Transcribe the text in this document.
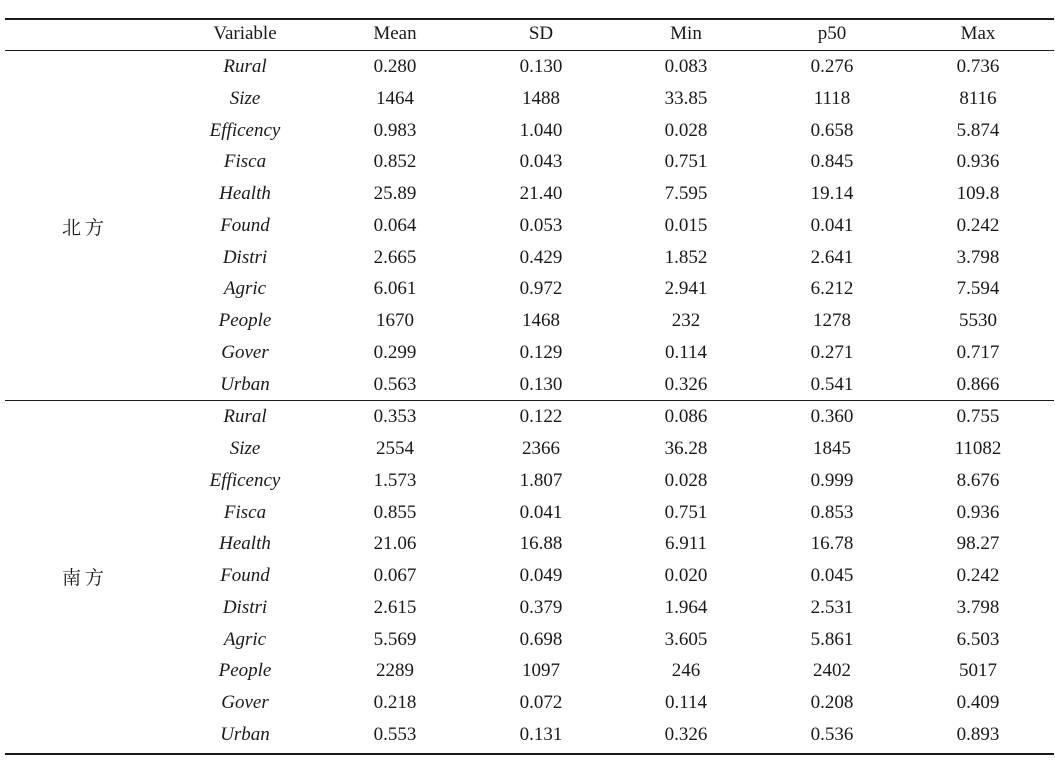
Variable	Mean	SD	Min	p50	Max
Rural	0.280	0.130	0.083	0.276	0.736
Size	1464	1488	33.85	1118	8116
Efficency	0.983	1.040	0.028	0.658	5.874
Fisca	0.852	0.043	0.751	0.845	0.936
Health	25.89	21.40	7.595	19.14	109.8
Found	0.064	0.053	0.015	0.041	0.242
Distri	2.665	0.429	1.852	2.641	3.798
Agric	6.061	0.972	2.941	6.212	7.594
People	1670	1468	232	1278	5530
Gover	0.299	0.129	0.114	0.271	0.717
Urban	0.563	0.130	0.326	0.541	0.866
北方
Rural	0.353	0.122	0.086	0.360	0.755
Size	2554	2366	36.28	1845	11082
Efficency	1.573	1.807	0.028	0.999	8.676
Fisca	0.855	0.041	0.751	0.853	0.936
Health	21.06	16.88	6.911	16.78	98.27
Found	0.067	0.049	0.020	0.045	0.242
Distri	2.615	0.379	1.964	2.531	3.798
Agric	5.569	0.698	3.605	5.861	6.503
People	2289	1097	246	2402	5017
Gover	0.218	0.072	0.114	0.208	0.409
Urban	0.553	0.131	0.326	0.536	0.893
南方
